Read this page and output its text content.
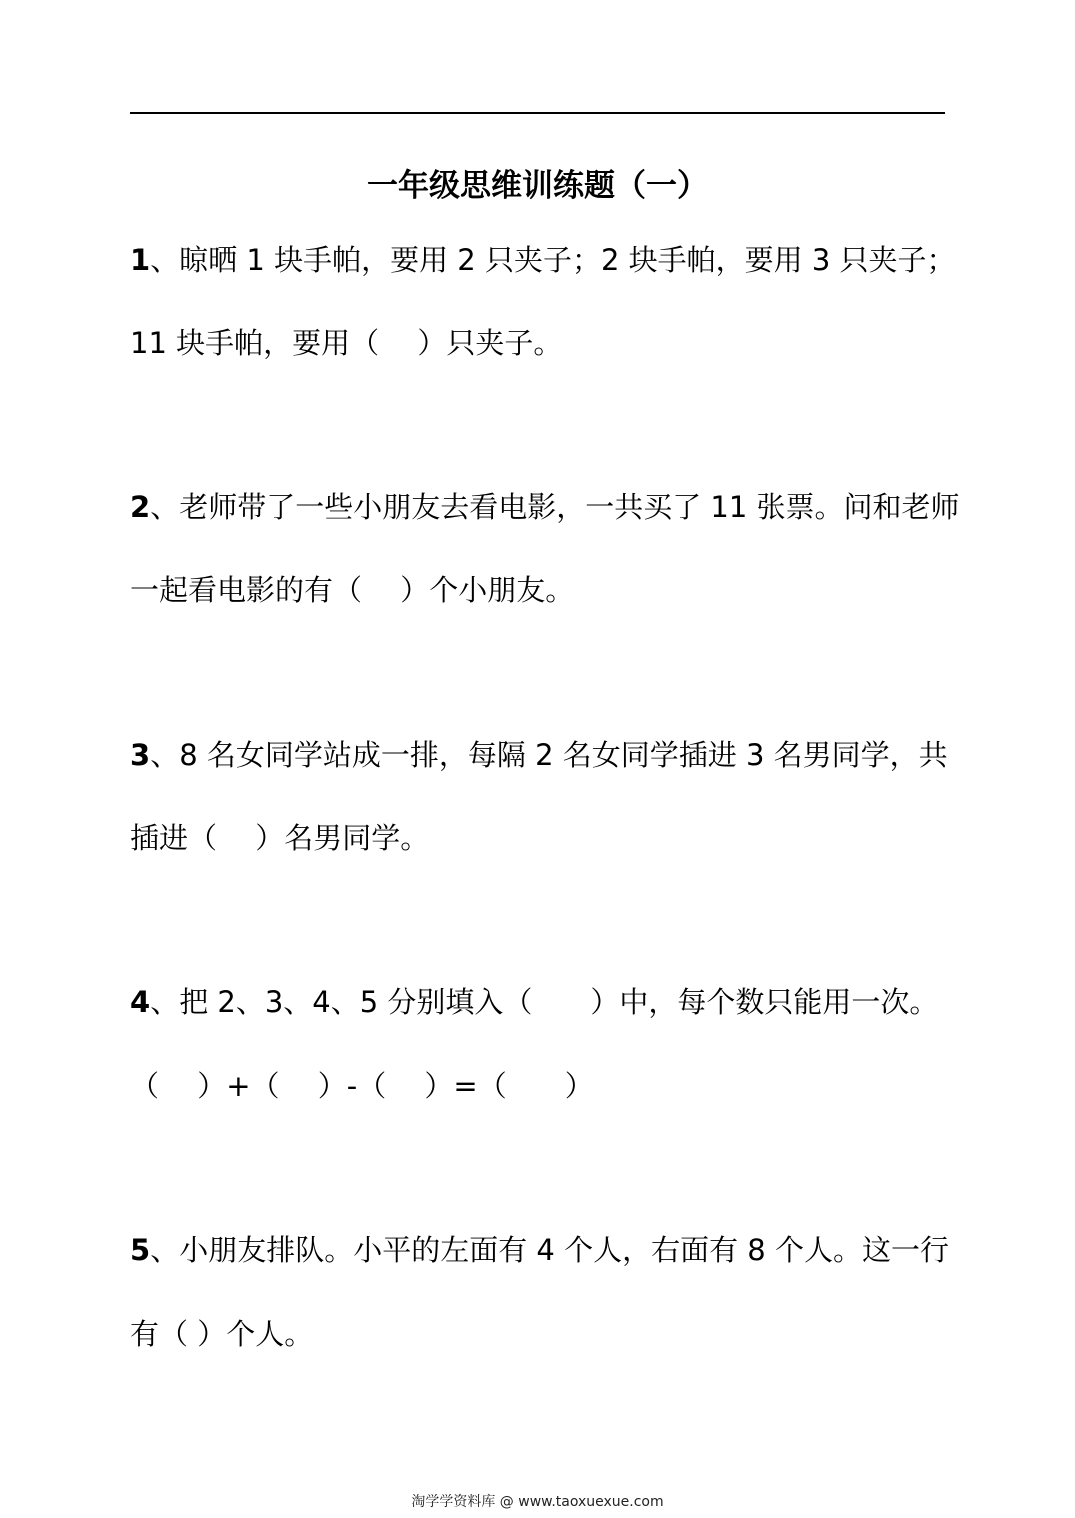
一年级思维训练题（一）
1、晾晒 1 块手帕，要用 2 只夹子；2 块手帕，要用 3 只夹子；
11 块手帕，要用（　 ）只夹子。
2、老师带了一些小朋友去看电影，一共买了 11 张票。问和老师
一起看电影的有（　 ）个小朋友。
3、8 名女同学站成一排，每隔 2 名女同学插进 3 名男同学，共
插进（　 ）名男同学。
4、把 2、3、4、5 分别填入（　　）中，每个数只能用一次。
（　 ）+（　 ）-（　 ）=（　　）
5、小朋友排队。小平的左面有 4 个人，右面有 8 个人。这一行
有（ ）个人。
淘学学资料库 @ www.taoxuexue.com
